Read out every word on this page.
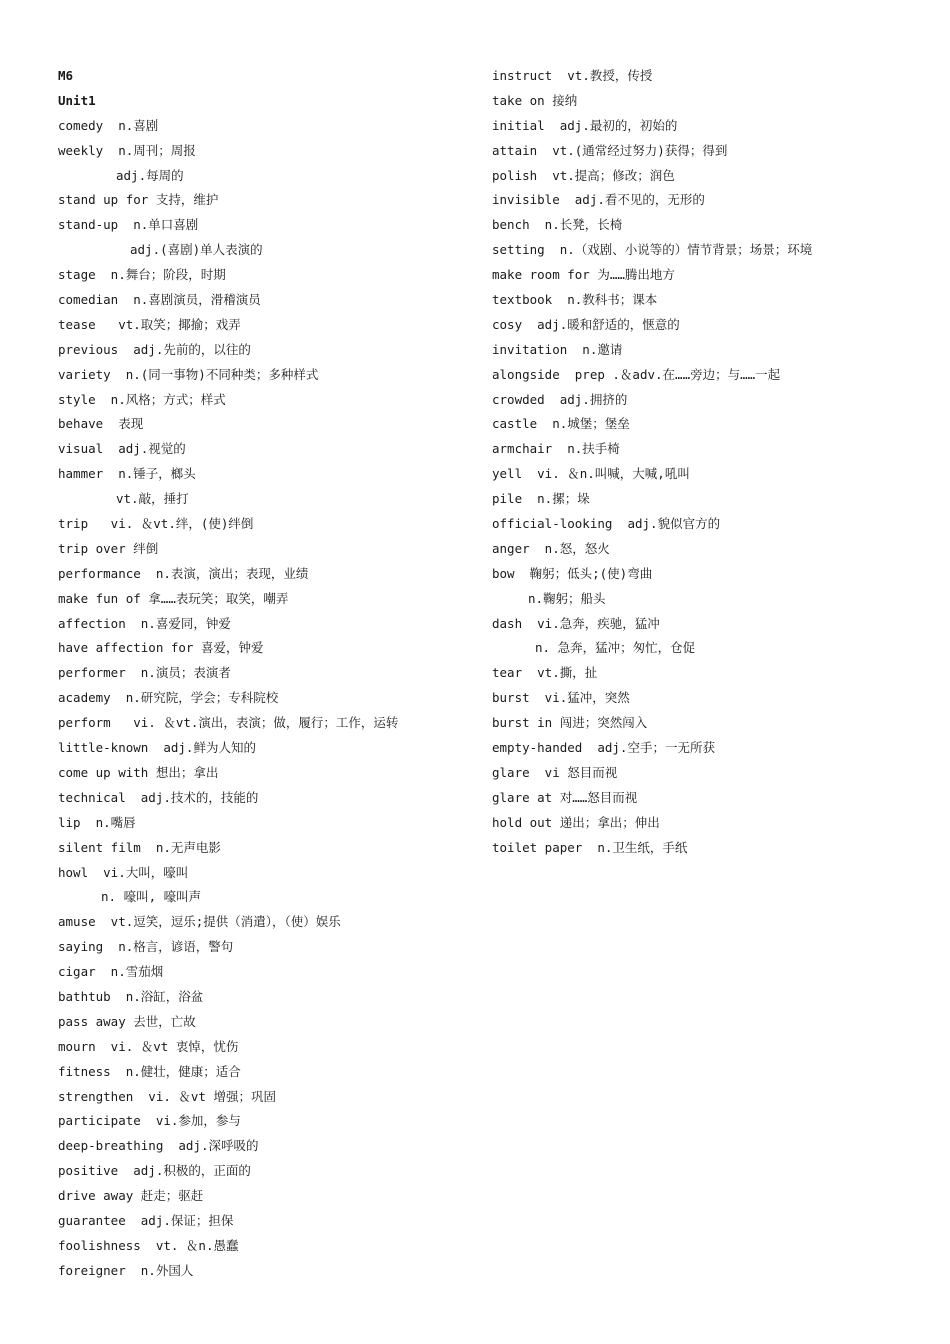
M6
Unit1
comedy  n.喜剧
weekly  n.周刊；周报
adj.每周的
stand up for 支持，维护
stand-up  n.单口喜剧
adj.(喜剧)单人表演的
stage  n.舞台；阶段，时期
comedian  n.喜剧演员，滑稽演员
tease   vt.取笑；揶揄；戏弄
previous  adj.先前的，以往的
variety  n.(同一事物)不同种类；多种样式
style  n.风格；方式；样式
behave  表现
visual  adj.视觉的
hammer  n.锤子，榔头
vt.敲，捶打
trip   vi. ＆vt.绊，(使)绊倒
trip over 绊倒
performance  n.表演，演出；表现，业绩
make fun of 拿……表玩笑；取笑，嘲弄
affection  n.喜爱同，钟爱
have affection for 喜爱，钟爱
performer  n.演员；表演者
academy  n.研究院，学会；专科院校
perform   vi. ＆vt.演出，表演；做，履行；工作，运转
little-known  adj.鲜为人知的
come up with 想出；拿出
technical  adj.技术的，技能的
lip  n.嘴唇
silent film  n.无声电影
howl  vi.大叫，嚎叫
n. 嚎叫, 嚎叫声
amuse  vt.逗笑，逗乐;提供（消遣），（使）娱乐
saying  n.格言，谚语，警句
cigar  n.雪茄烟
bathtub  n.浴缸，浴盆
pass away 去世，亡故
mourn  vi. ＆vt 衷悼，忧伤
fitness  n.健壮，健康；适合
strengthen  vi. ＆vt 增强；巩固
participate  vi.参加，参与
deep-breathing  adj.深呼吸的
positive  adj.积极的，正面的
drive away 赶走；驱赶
guarantee  adj.保证；担保
foolishness  vt. ＆n.愚蠢
foreigner  n.外国人
instruct  vt.教授，传授
take on 接纳
initial  adj.最初的，初始的
attain  vt.(通常经过努力)获得；得到
polish  vt.提高；修改；润色
invisible  adj.看不见的，无形的
bench  n.长凳，长椅
setting  n.（戏剧、小说等的）情节背景；场景；环境
make room for 为……腾出地方
textbook  n.教科书；课本
cosy  adj.暖和舒适的，惬意的
invitation  n.邀请
alongside  prep .＆adv.在……旁边；与……一起
crowded  adj.拥挤的
castle  n.城堡；堡垒
armchair  n.扶手椅
yell  vi. ＆n.叫喊，大喊,吼叫
pile  n.摞；垛
official-looking  adj.貌似官方的
anger  n.怒，怒火
bow  鞠躬；低头;(使)弯曲
n.鞠躬；船头
dash  vi.急奔，疾驰，猛冲
n. 急奔，猛冲；匆忙，仓促
tear  vt.撕，扯
burst  vi.猛冲，突然
burst in 闯进；突然闯入
empty-handed  adj.空手；一无所获
glare  vi 怒目而视
glare at 对……怒目而视
hold out 递出；拿出；伸出
toilet paper  n.卫生纸，手纸
